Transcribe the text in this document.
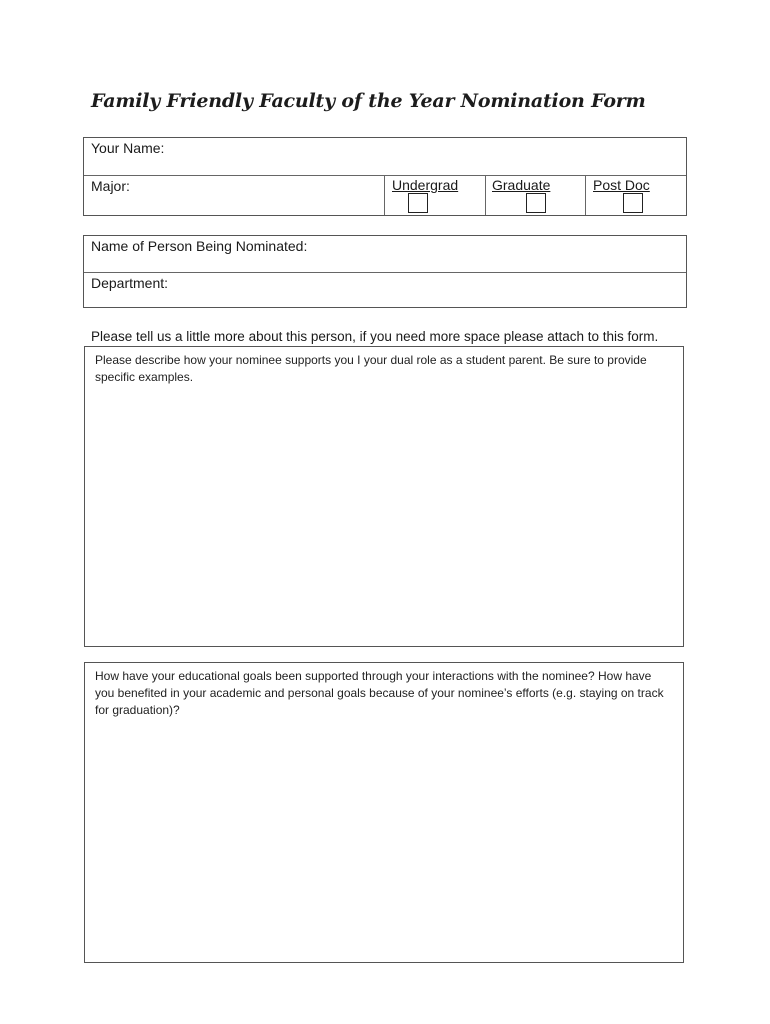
Family Friendly Faculty of the Year Nomination Form
Your Name:
Major:	Undergrad Graduate	Post Doc
Name of Person Being Nominated:
Department:
Please tell us a little more about this person, if you need more space please attach to this form.

Please describe how your nominee supports you I your dual role as a student parent. Be sure to provide specific examples.

How have your educational goals been supported through your interactions with the nominee? How have you benefited in your academic and personal goals because of your nominee’s efforts (e.g. staying on track for graduation)?
